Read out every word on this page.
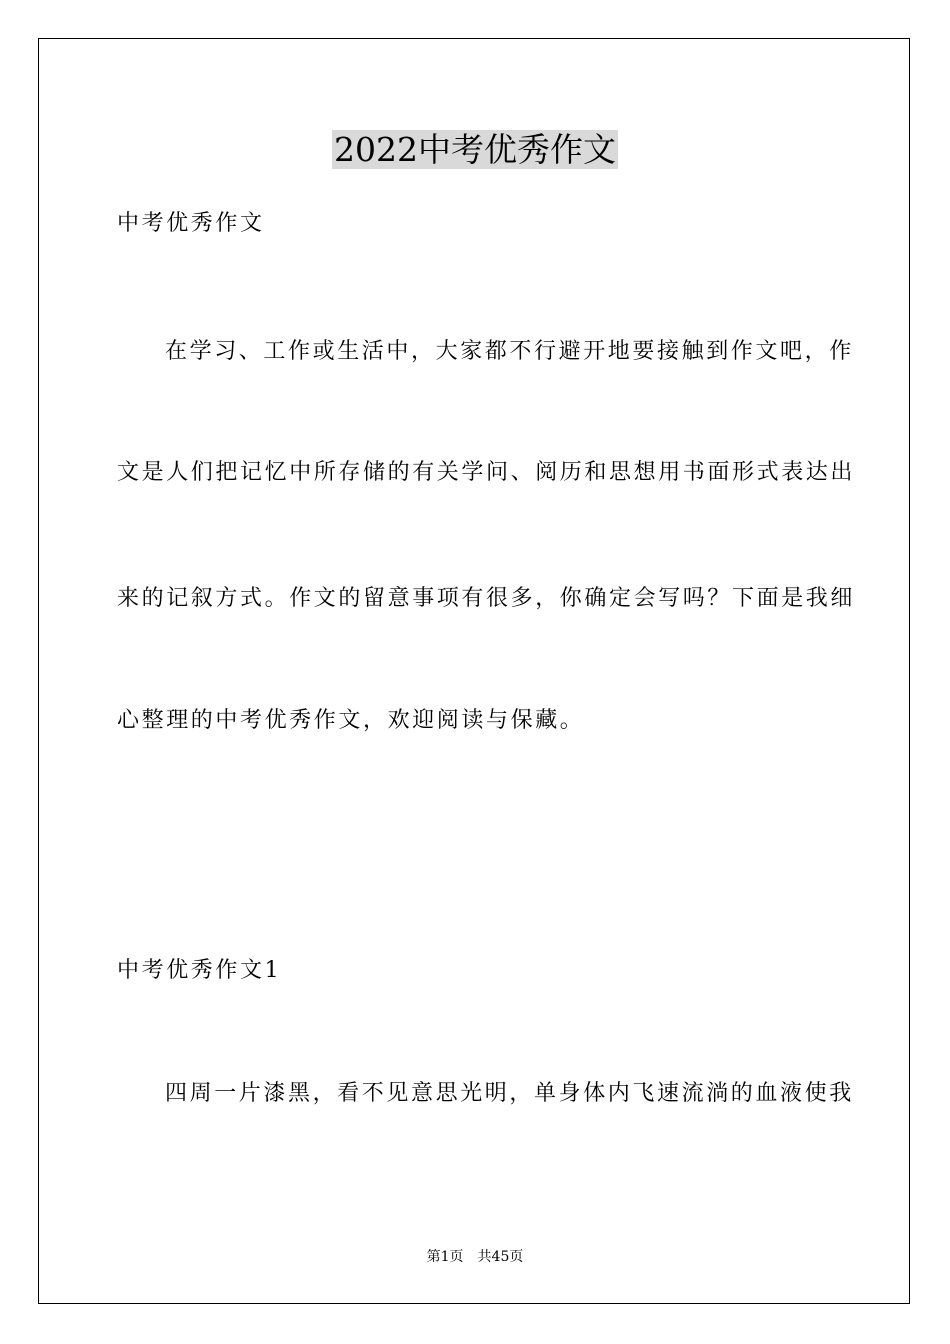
2022中考优秀作文
中考优秀作文
在学习、工作或生活中，大家都不行避开地要接触到作文吧，作
文是人们把记忆中所存储的有关学问、阅历和思想用书面形式表达出
来的记叙方式。作文的留意事项有很多，你确定会写吗？下面是我细
心整理的中考优秀作文，欢迎阅读与保藏。
中考优秀作文1
四周一片漆黑，看不见意思光明，单身体内飞速流淌的血液使我
第1页 共45页
